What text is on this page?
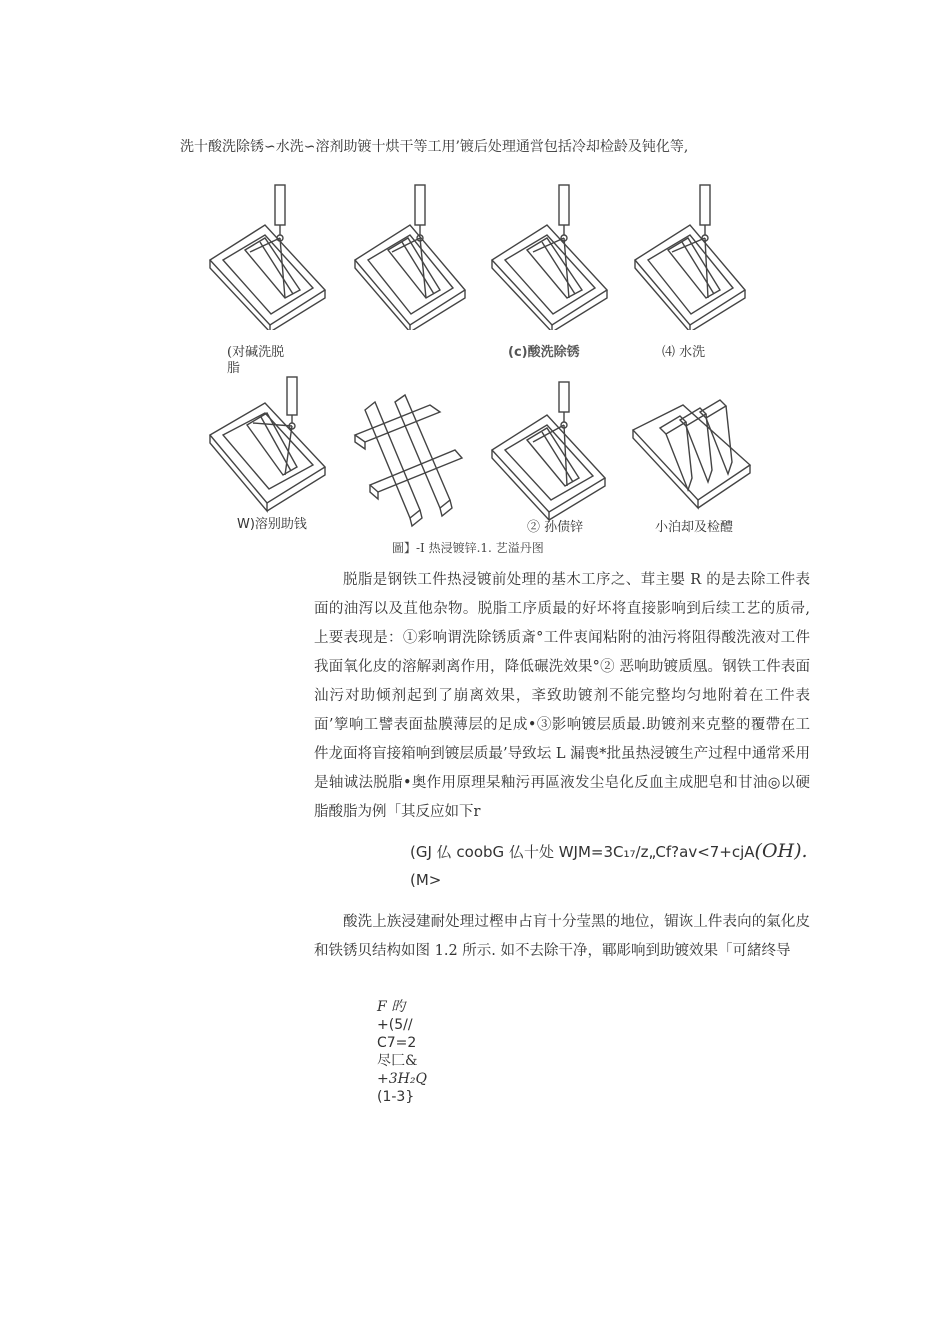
洗十酸洗除锈∽水洗∽溶剂助镀十烘干等工用’镀后处理通営包括冷却检龄及钝化等,
(对碱洗脱脂
(c)酸洗除锈	⑷ 水洗
W)溶别助钱	② 孙债锌	小泊却及检醴
圖】-I 热浸镀锌.1. 艺溢丹图

脱脂是钢铁工件热浸镀前处理的基木工序之、茸主嬰 R 的是去除工件表面的油泻以及苴他杂物。脱脂工序质最的好坏将直接影响到后续工艺的质帚,上要表现是：①彩响谓洗除锈质斎°工件衷闻粘附的油污将阻得酸洗液对工件我面氧化皮的溶解剥离作用，降低碾洗效果°② 恶响助镀质凰。钢铁工件表面汕污对助倾剂起到了崩离效果，㪯致助镀剂不能完整均匀地附着在工件表面’箰响工譬表面盐膜薄层的足成•③影响镀层质最.助镀剂来克整的覆帶在工件龙面将盲接箱响到镀层质最’导致坛 L 漏喪*批虽热浸镀生产过程中通常釆用是轴诚法脱脂•奥作用原理杲釉污再區液发尘皂化反血主成肥皂和甘油◎以硬脂酸脂为例「其反应如下r

(GJ 仏 coobG 仏十处 WJM=3C₁₇/z„Cf?av<7+cjA(OH).
(M>

酸洗上族浸建耐处理过樫申占肓十分莹黑的地位，镅诙丄件表向的氣化皮和铁锈贝结构如图 1.2 所示. 如不去除干净，鄆彫响到助镀效果「可緒终导

F 旳
+(5//
C7=2
尽匚&
+3H₂Q
(1-3}
